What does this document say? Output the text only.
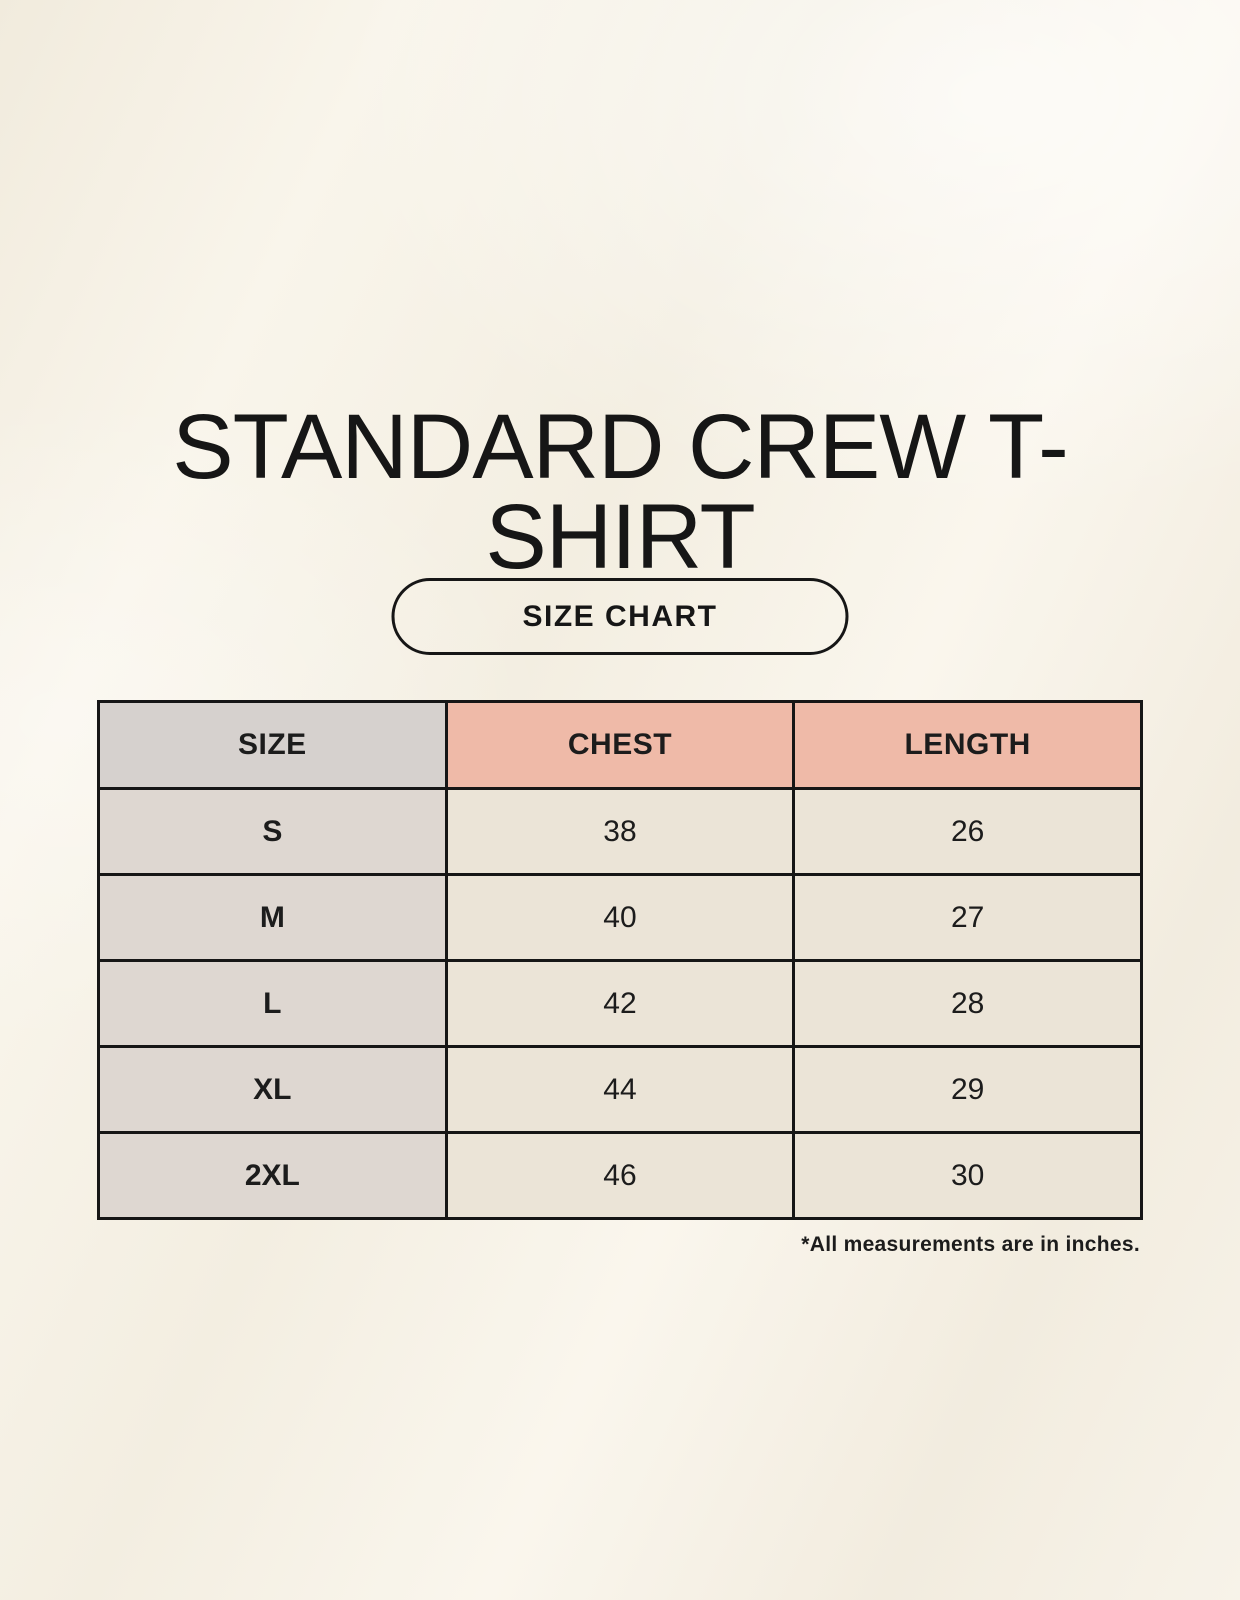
STANDARD CREW T-SHIRT
SIZE CHART
SIZE	CHEST	LENGTH
S	38	26
M	40	27
L	42	28
XL	44	29
2XL	46	30
*All measurements are in inches.
